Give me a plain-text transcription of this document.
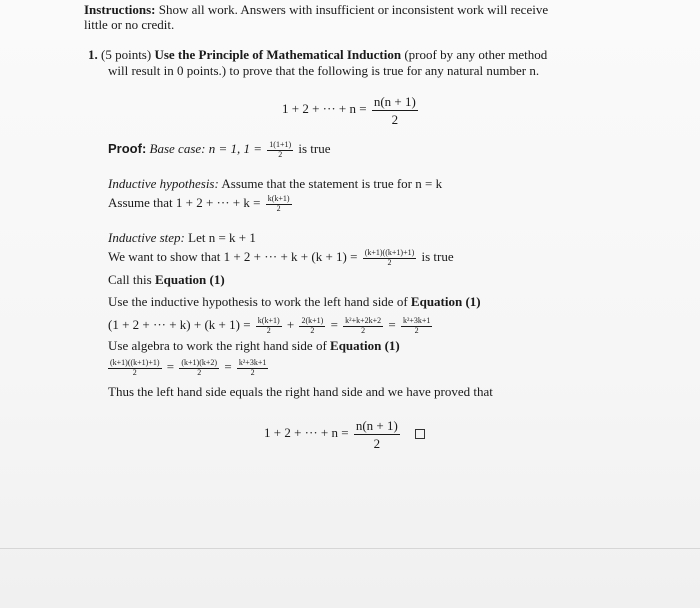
Instructions: Show all work. Answers with insufficient or inconsistent work will receive
little or no credit.
1. (5 points) Use the Principle of Mathematical Induction (proof by any other method
will result in 0 points.) to prove that the following is true for any natural number n.
1 + 2 + ··· + $n = \frac{n(n + 1)}{2}$
Proof: Base case: n = 1, $1 = \frac{1(1+1)}{2}$ is true
Inductive hypothesis: Assume that the statement is true for n = k
Assume that 1 + 2 + ··· + $k = \frac{k(k+1)}{2}$
Inductive step: Let n = k + 1
We want to show that 1 + 2 + ··· + $k + (k + 1) = \frac{(k+1)((k+1)+1)}{2}$ is true
Call this Equation (1)
Use the inductive hypothesis to work the left hand side of Equation (1)
(1 + 2 + ··· + $k) + (k + 1) = \frac{k(k+1)}{2} + \frac{2(k+1)}{2} = \frac{\text{k²+k+2k+2}}{2} = \frac{\text{k²+3k+1}}{2}$
Use algebra to work the right hand side of Equation (1)
$\frac{(k+1)((k+1)+1)}{2} = \frac{(k+1)(k+2)}{2} = \frac{\text{k²+3k+1}}{2}$
Thus the left hand side equals the right hand side and we have proved that
1 + 2 + ··· + $n = \frac{n(n + 1)}{2}$
